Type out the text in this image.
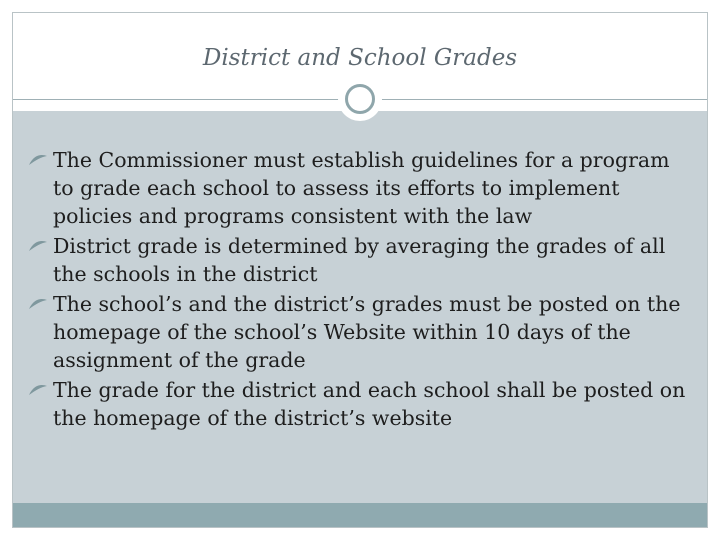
District and School Grades
The Commissioner must establish guidelines for a program to grade each school to assess its efforts to implement policies and programs consistent with the law
District grade is determined by averaging the grades of all the schools in the district
The school’s and the district’s grades must be posted on the homepage of the school’s Website within 10 days of the assignment of the grade
The grade for the district and each school shall be posted on the homepage of the district’s website
